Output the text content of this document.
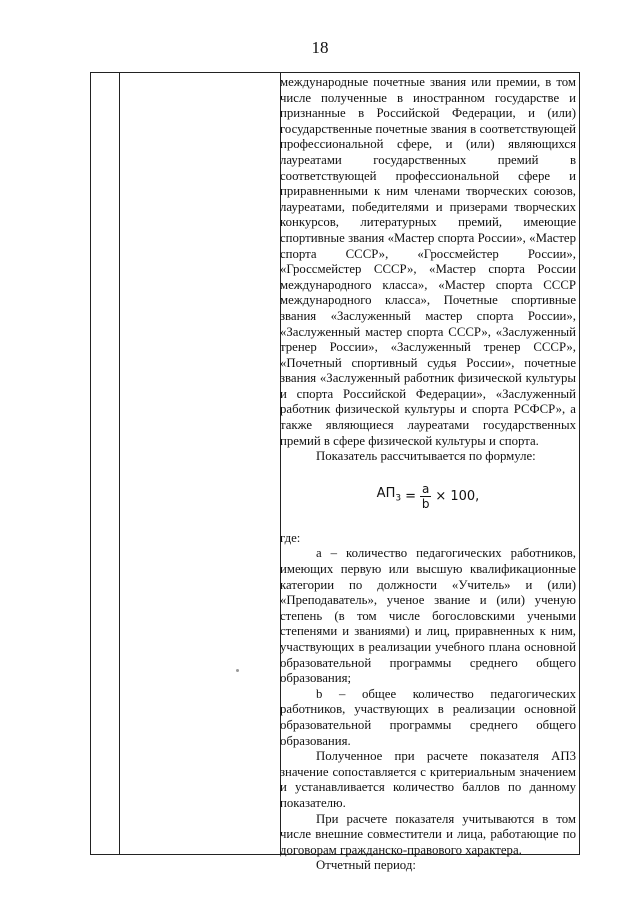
18

международные почетные звания или премии, в том числе полученные в иностранном государстве и признанные в Российской Федерации, и (или) государственные почетные звания в соответствующей профессиональной сфере, и (или) являющихся лауреатами государственных премий в соответствующей профессиональной сфере и приравненными к ним членами творческих союзов, лауреатами, победителями и призерами творческих конкурсов, литературных премий, имеющие спортивные звания «Мастер спорта России», «Мастер спорта СССР», «Гроссмейстер России», «Гроссмейстер СССР», «Мастер спорта России международного класса», «Мастер спорта СССР международного класса», Почетные спортивные звания «Заслуженный мастер спорта России», «Заслуженный мастер спорта СССР», «Заслуженный тренер России», «Заслуженный тренер СССР», «Почетный спортивный судья России», почетные звания «Заслуженный работник физической культуры и спорта Российской Федерации», «Заслуженный работник физической культуры и спорта РСФСР», а также являющиеся лауреатами государственных премий в сфере физической культуры и спорта.

Показатель рассчитывается по формуле:

$АП_3 = \frac{a}{b} \times 100$,

где:

а – количество педагогических работников, имеющих первую или высшую квалификационные категории по должности «Учитель» и (или) «Преподаватель», ученое звание и (или) ученую степень (в том числе богословскими учеными степенями и званиями) и лиц, приравненных к ним, участвующих в реализации учебного плана основной образовательной программы среднего общего образования;

b – общее количество педагогических работников, участвующих в реализации основной образовательной программы среднего общего образования.

Полученное при расчете показателя АП3 значение сопоставляется с критериальным значением и устанавливается количество баллов по данному показателю.

При расчете показателя учитываются в том числе внешние совместители и лица, работающие по договорам гражданско-правового характера.

Отчетный период:
